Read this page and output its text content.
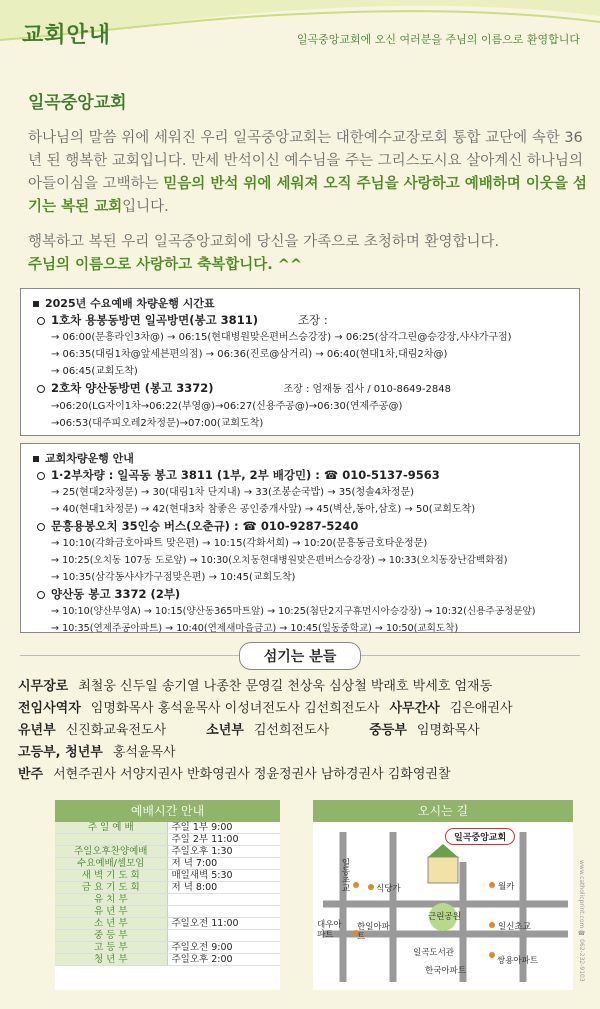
교회안내	일곡중앙교회에 오신 여러분을 주님의 이름으로 환영합니다
일곡중앙교회

하나님의 말씀 위에 세워진 우리 일곡중앙교회는 대한예수교장로회 통합 교단에 속한 36년 된 행복한 교회입니다. 만세 반석이신 예수님을 주는 그리스도시요 살아계신 하나님의 아들이심을 고백하는 믿음의 반석 위에 세워져 오직 주님을 사랑하고 예배하며 이웃을 섬기는 복된 교회입니다.

행복하고 복된 우리 일곡중앙교회에 당신을 가족으로 초청하며 환영합니다.
주님의 이름으로 사랑하고 축복합니다. ^^

2025년 수요예배 차량운행 시간표
1호차 용봉동방면 일곡방면(봉고 3811)	조장 :
→ 06:00(문흥라인3차@) → 06:15(현대병원맞은편버스승강장) → 06:25(삼각그린@승강장,샤샤가구점)
→ 06:35(대림1차@앞세븐편의점) → 06:36(진로@삼거리) → 06:40(현대1차,대림2차@)
→ 06:45(교회도착)
2호차 양산동방면 (봉고 3372)	조장 : 엄재동 집사 / 010-8649-2848
→06:20(LG자이1차→06:22(부영@)→06:27(신용주공@)→06:30(연제주공@)
→06:53(대주피오레2차정문)→07:00(교회도착)
교회차량운행 안내
1·2부차량 : 일곡동 봉고 3811 (1부, 2부 배강민) : ☎ 010-5137-9563
→ 25(현대2차정문) → 30(대림1차 단지내) → 33(조봉순국밥) → 35(청솔4차정문)
→ 40(현대1차정문) → 42(현대3차 참좋은 공인중개사앞) → 45(벽산,동아,삼호) → 50(교회도착)
문흥용봉오치 35인승 버스(오춘규) : ☎ 010-9287-5240
→ 10:10(각화금호아파트 맞은편) → 10:15(각화서희) → 10:20(문흥동금호타운정문)
→ 10:25(오치동 107동 도로앞) → 10:30(오치동현대병원맞은편버스승강장) → 10:33(오치동장난감백화점)
→ 10:35(삼각동샤샤가구점맞은편) → 10:45(교회도착)
양산동 봉고 3372 (2부)
→ 10:10(양산부영A) → 10:15(양산동365마트앞) → 10:25(첨단2지구휴먼시아승강장) → 10:32(신용주공정문앞)
→ 10:35(연제주공아파트) → 10:40(연제새마을금고) → 10:45(일동중학교) → 10:50(교회도착)
섬기는 분들
시무장로 최철웅 신두일 송기열 나종찬 문영길 천상욱 심상철 박래호 박세호 엄재동
전임사역자 임명화목사 홍석윤목사 이성녀전도사 김선희전도사 사무간사 김은애권사
유년부 신진화교육전도사	소년부 김선희전도사	중등부 임명화목사
고등부, 청년부 홍석윤목사
반주 서현주권사 서양지권사 반화영권사 정윤정권사 남하경권사 김화영권찰
예배시간 안내
주 일 예 배	주일 1부 9:00
	주일 2부 11:00
주일오후찬양예배	주일오후 1:30
수요예배/셀모임	저 녁 7:00
새 벽 기 도 회	매일새벽 5:30
금 요 기 도 회	저 녁 8:00
유 치 부	
유 년 부	
소 년 부	주일오전 11:00
중 등 부	
고 등 부	주일오전 9:00
청 년 부	주일오후 2:00
오시는 길
일곡중앙교회
일동초교	식당가	월카
대우아파트
한일아파트
근린공원
일신초교
일곡도서관
한국아파트
쌍용아파트	www.catholicprint.com ☎ 062-232-9103
